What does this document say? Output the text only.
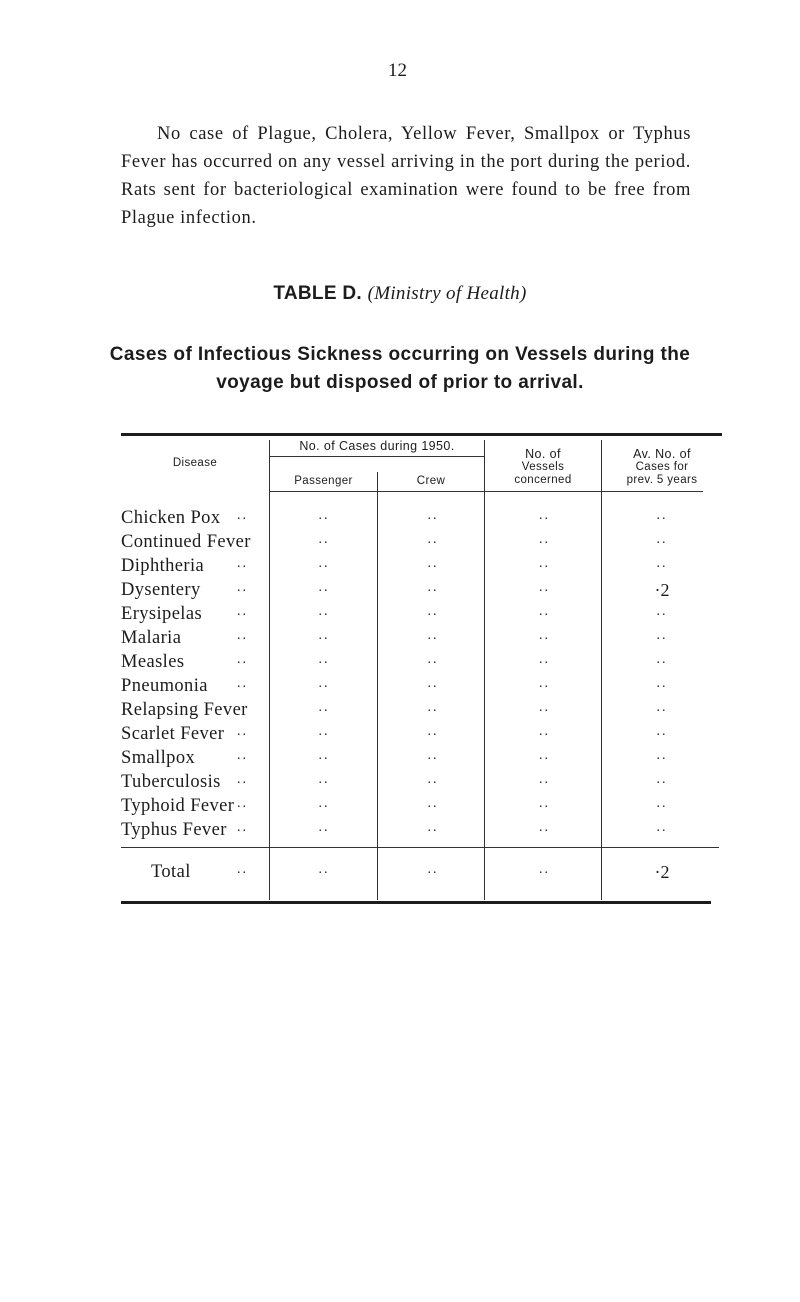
12
No case of Plague, Cholera, Yellow Fever, Smallpox or Typhus Fever has occurred on any vessel arriving in the port during the period. Rats sent for bacteriological examination were found to be free from Plague infection.
TABLE D. (Ministry of Health)
Cases of Infectious Sickness occurring on Vessels during the
voyage but disposed of prior to arrival.
Disease
No. of Cases during 1950.
Passenger	Crew
No. of
Vessels
concerned
Av. No. of
Cases for
prev. 5 years
Chicken Pox ..	..	..	..	..
Continued Fever	..	..	..	..
Diphtheria ..	..	..	..	..
Dysentery	..	..	..	..	·2
Erysipelas ..	..	..	..	..
Malaria	..	..	..	..	..
Measles	..	..	..	..	..
Pneumonia ..	..	..	..	..
Relapsing Fever	..	..	..	..
Scarlet Fever ..	..	..	..	..
Smallpox	..	..	..	..	..
Tuberculosis ..	..	..	..	..
Typhoid Fever ..	..	..	..	..
Typhus Fever ..	..	..	..	..
Total	..	..	..	..	·2
